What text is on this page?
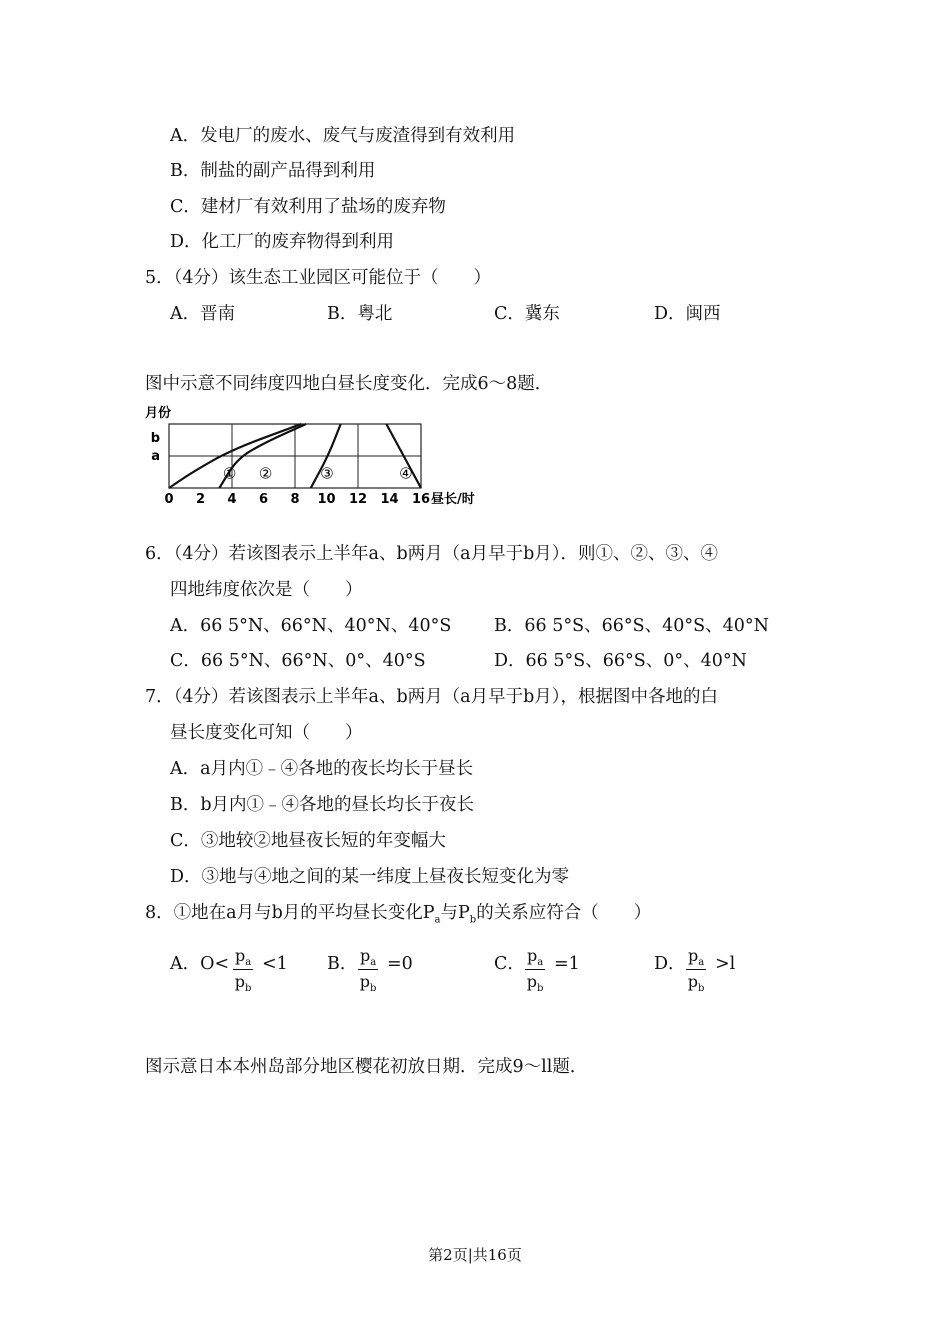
A．发电厂的废水、废气与废渣得到有效利用
B．制盐的副产品得到利用
C．建材厂有效利用了盐场的废弃物
D．化工厂的废弃物得到利用
5．（4分）该生态工业园区可能位于（　　）
A．晋南	B．粤北	C．冀东	D．闽西
图中示意不同纬度四地白昼长度变化．完成6～8题．
0 2 4 6 8 10 12 14 16
a
b
月份
昼长/时
① ②	③	④
6．（4分）若该图表示上半年a、b两月（a月早于b月）．则①、②、③、④
四地纬度依次是（　　）
A．66 5°N、66°N、40°N、40°S B．66 5°S、66°S、40°S、40°N
C．66 5°N、66°N、0°、40°S	D．66 5°S、66°S、0°、40°N
7．（4分）若该图表示上半年a、b两月（a月早于b月），根据图中各地的白
昼长度变化可知（　　）
A．a月内①﹣④各地的夜长均长于昼长
B．b月内①﹣④各地的昼长均长于夜长
C．③地较②地昼夜长短的年变幅大
D．③地与④地之间的某一纬度上昼夜长短变化为零
8．①地在a月与b月的平均昼长变化$P_a$与$P_b$的关系应符合（　　）
A．$O< \frac{p_a}{p_b} <1$ B． $\frac{p_a}{p_b} =0$	C． $\frac{p_a}{p_b} =1$	D． $\frac{p_a}{p_b} >l$
图示意日本本州岛部分地区樱花初放日期．完成9～ll题．
第2页|共16页
